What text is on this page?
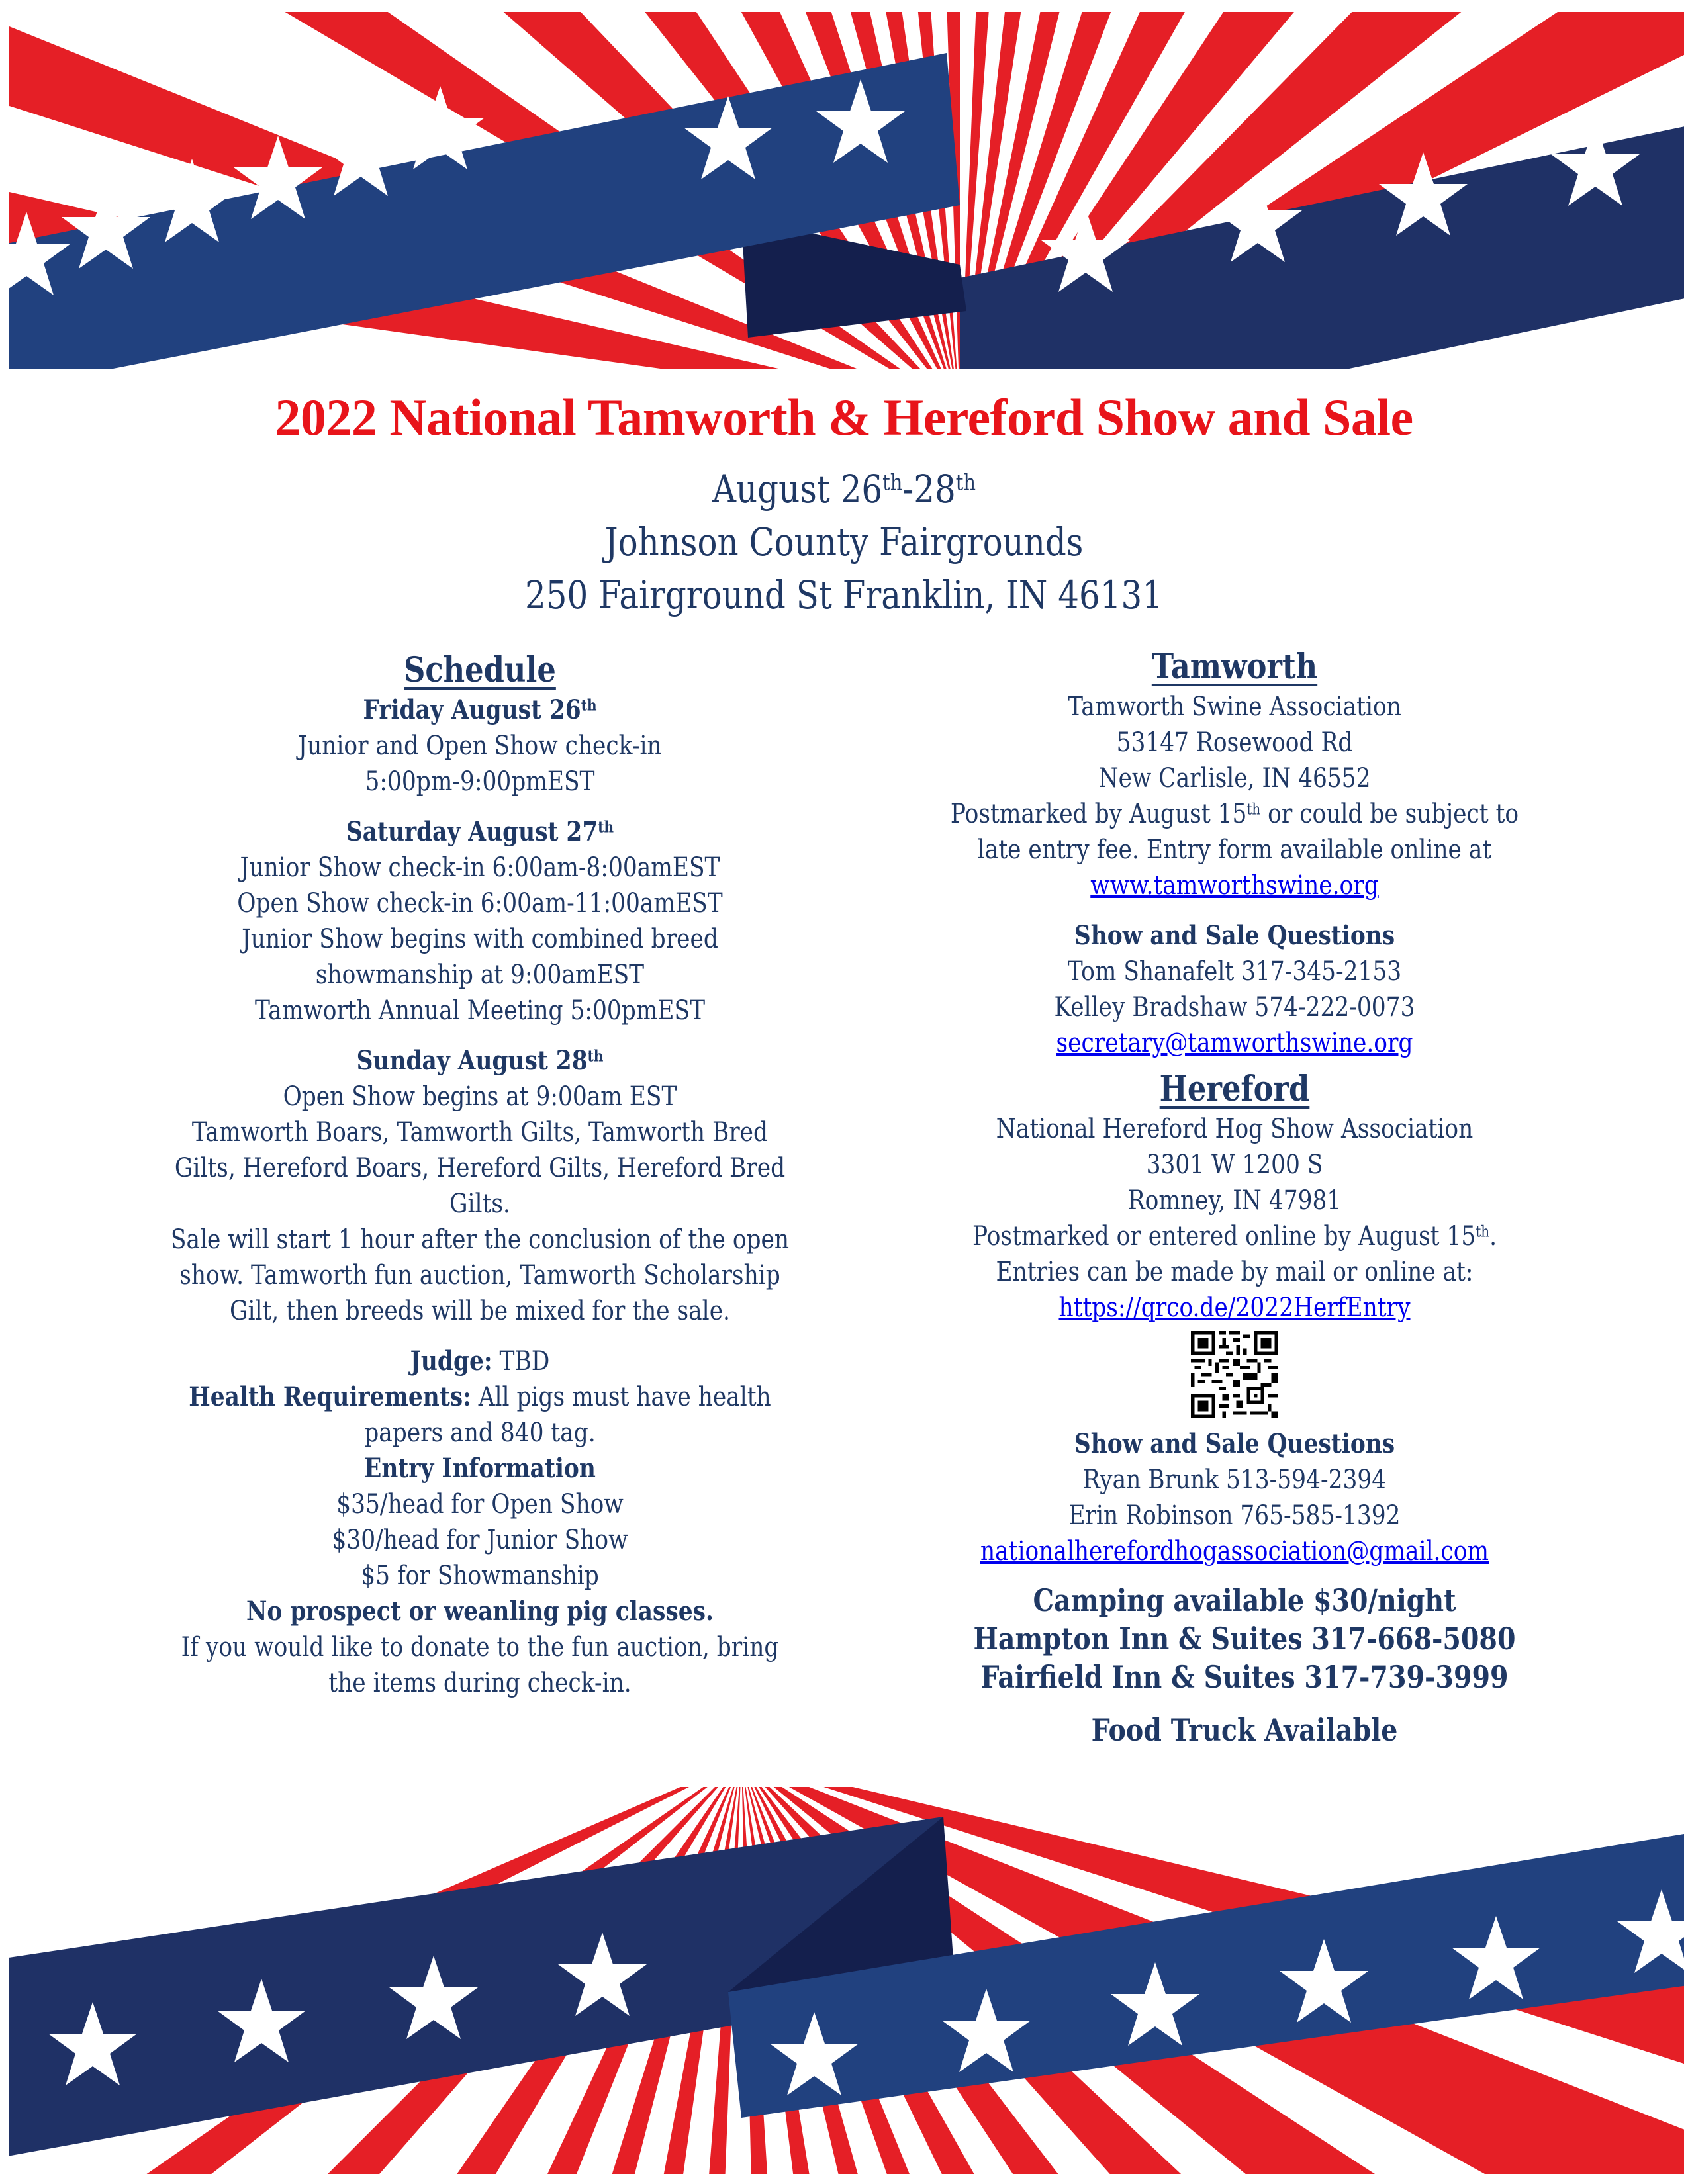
2022 National Tamworth & Hereford Show and Sale
August 26th-28th
Johnson County Fairgrounds
250 Fairground St Franklin, IN 46131
Schedule
Friday August 26th
Junior and Open Show check-in
5:00pm-9:00pmEST
Saturday August 27th
Junior Show check-in 6:00am-8:00amEST
Open Show check-in 6:00am-11:00amEST
Junior Show begins with combined breed
showmanship at 9:00amEST
Tamworth Annual Meeting 5:00pmEST
Sunday August 28th
Open Show begins at 9:00am EST
Tamworth Boars, Tamworth Gilts, Tamworth Bred
Gilts, Hereford Boars, Hereford Gilts, Hereford Bred
Gilts.
Sale will start 1 hour after the conclusion of the open
show. Tamworth fun auction, Tamworth Scholarship
Gilt, then breeds will be mixed for the sale.
Judge: TBD
Health Requirements: All pigs must have health
papers and 840 tag.
Entry Information
$35/head for Open Show
$30/head for Junior Show
$5 for Showmanship
No prospect or weanling pig classes.
If you would like to donate to the fun auction, bring
the items during check-in.
Tamworth
Tamworth Swine Association
53147 Rosewood Rd
New Carlisle, IN 46552
Postmarked by August 15th or could be subject to
late entry fee. Entry form available online at
www.tamworthswine.org
Show and Sale Questions
Tom Shanafelt 317-345-2153
Kelley Bradshaw 574-222-0073
secretary@tamworthswine.org
Hereford
National Hereford Hog Show Association
3301 W 1200 S
Romney, IN 47981
Postmarked or entered online by August 15th.
Entries can be made by mail or online at:
https://qrco.de/2022HerfEntry
Show and Sale Questions
Ryan Brunk 513-594-2394
Erin Robinson 765-585-1392
nationalherefordhogassociation@gmail.com
Camping available $30/night
Hampton Inn & Suites 317-668-5080
Fairfield Inn & Suites 317-739-3999
Food Truck Available
